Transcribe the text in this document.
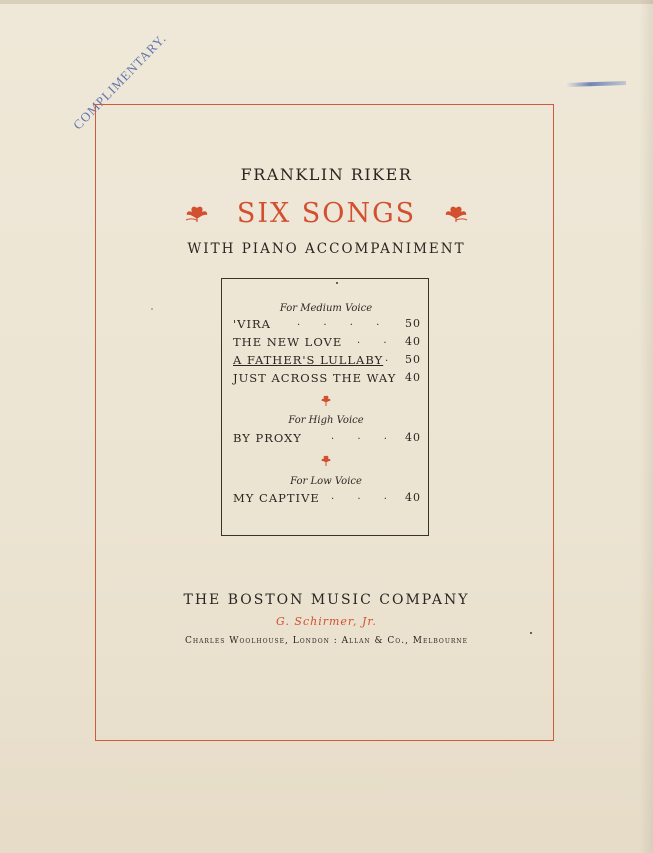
COMPLIMENTARY.
FRANKLIN RIKER
SIX SONGS
WITH PIANO ACCOMPANIMENT
For Medium Voice
'VIRA	. . . . 50
THE NEW LOVE . . 40
A FATHER'S LULLABY . 50
JUST ACROSS THE WAY 40
For High Voice
BY PROXY	. . . 40
For Low Voice
MY CAPTIVE . . . 40
THE BOSTON MUSIC COMPANY
G. Schirmer, Jr.
Charles Woolhouse, London : Allan & Co., Melbourne
